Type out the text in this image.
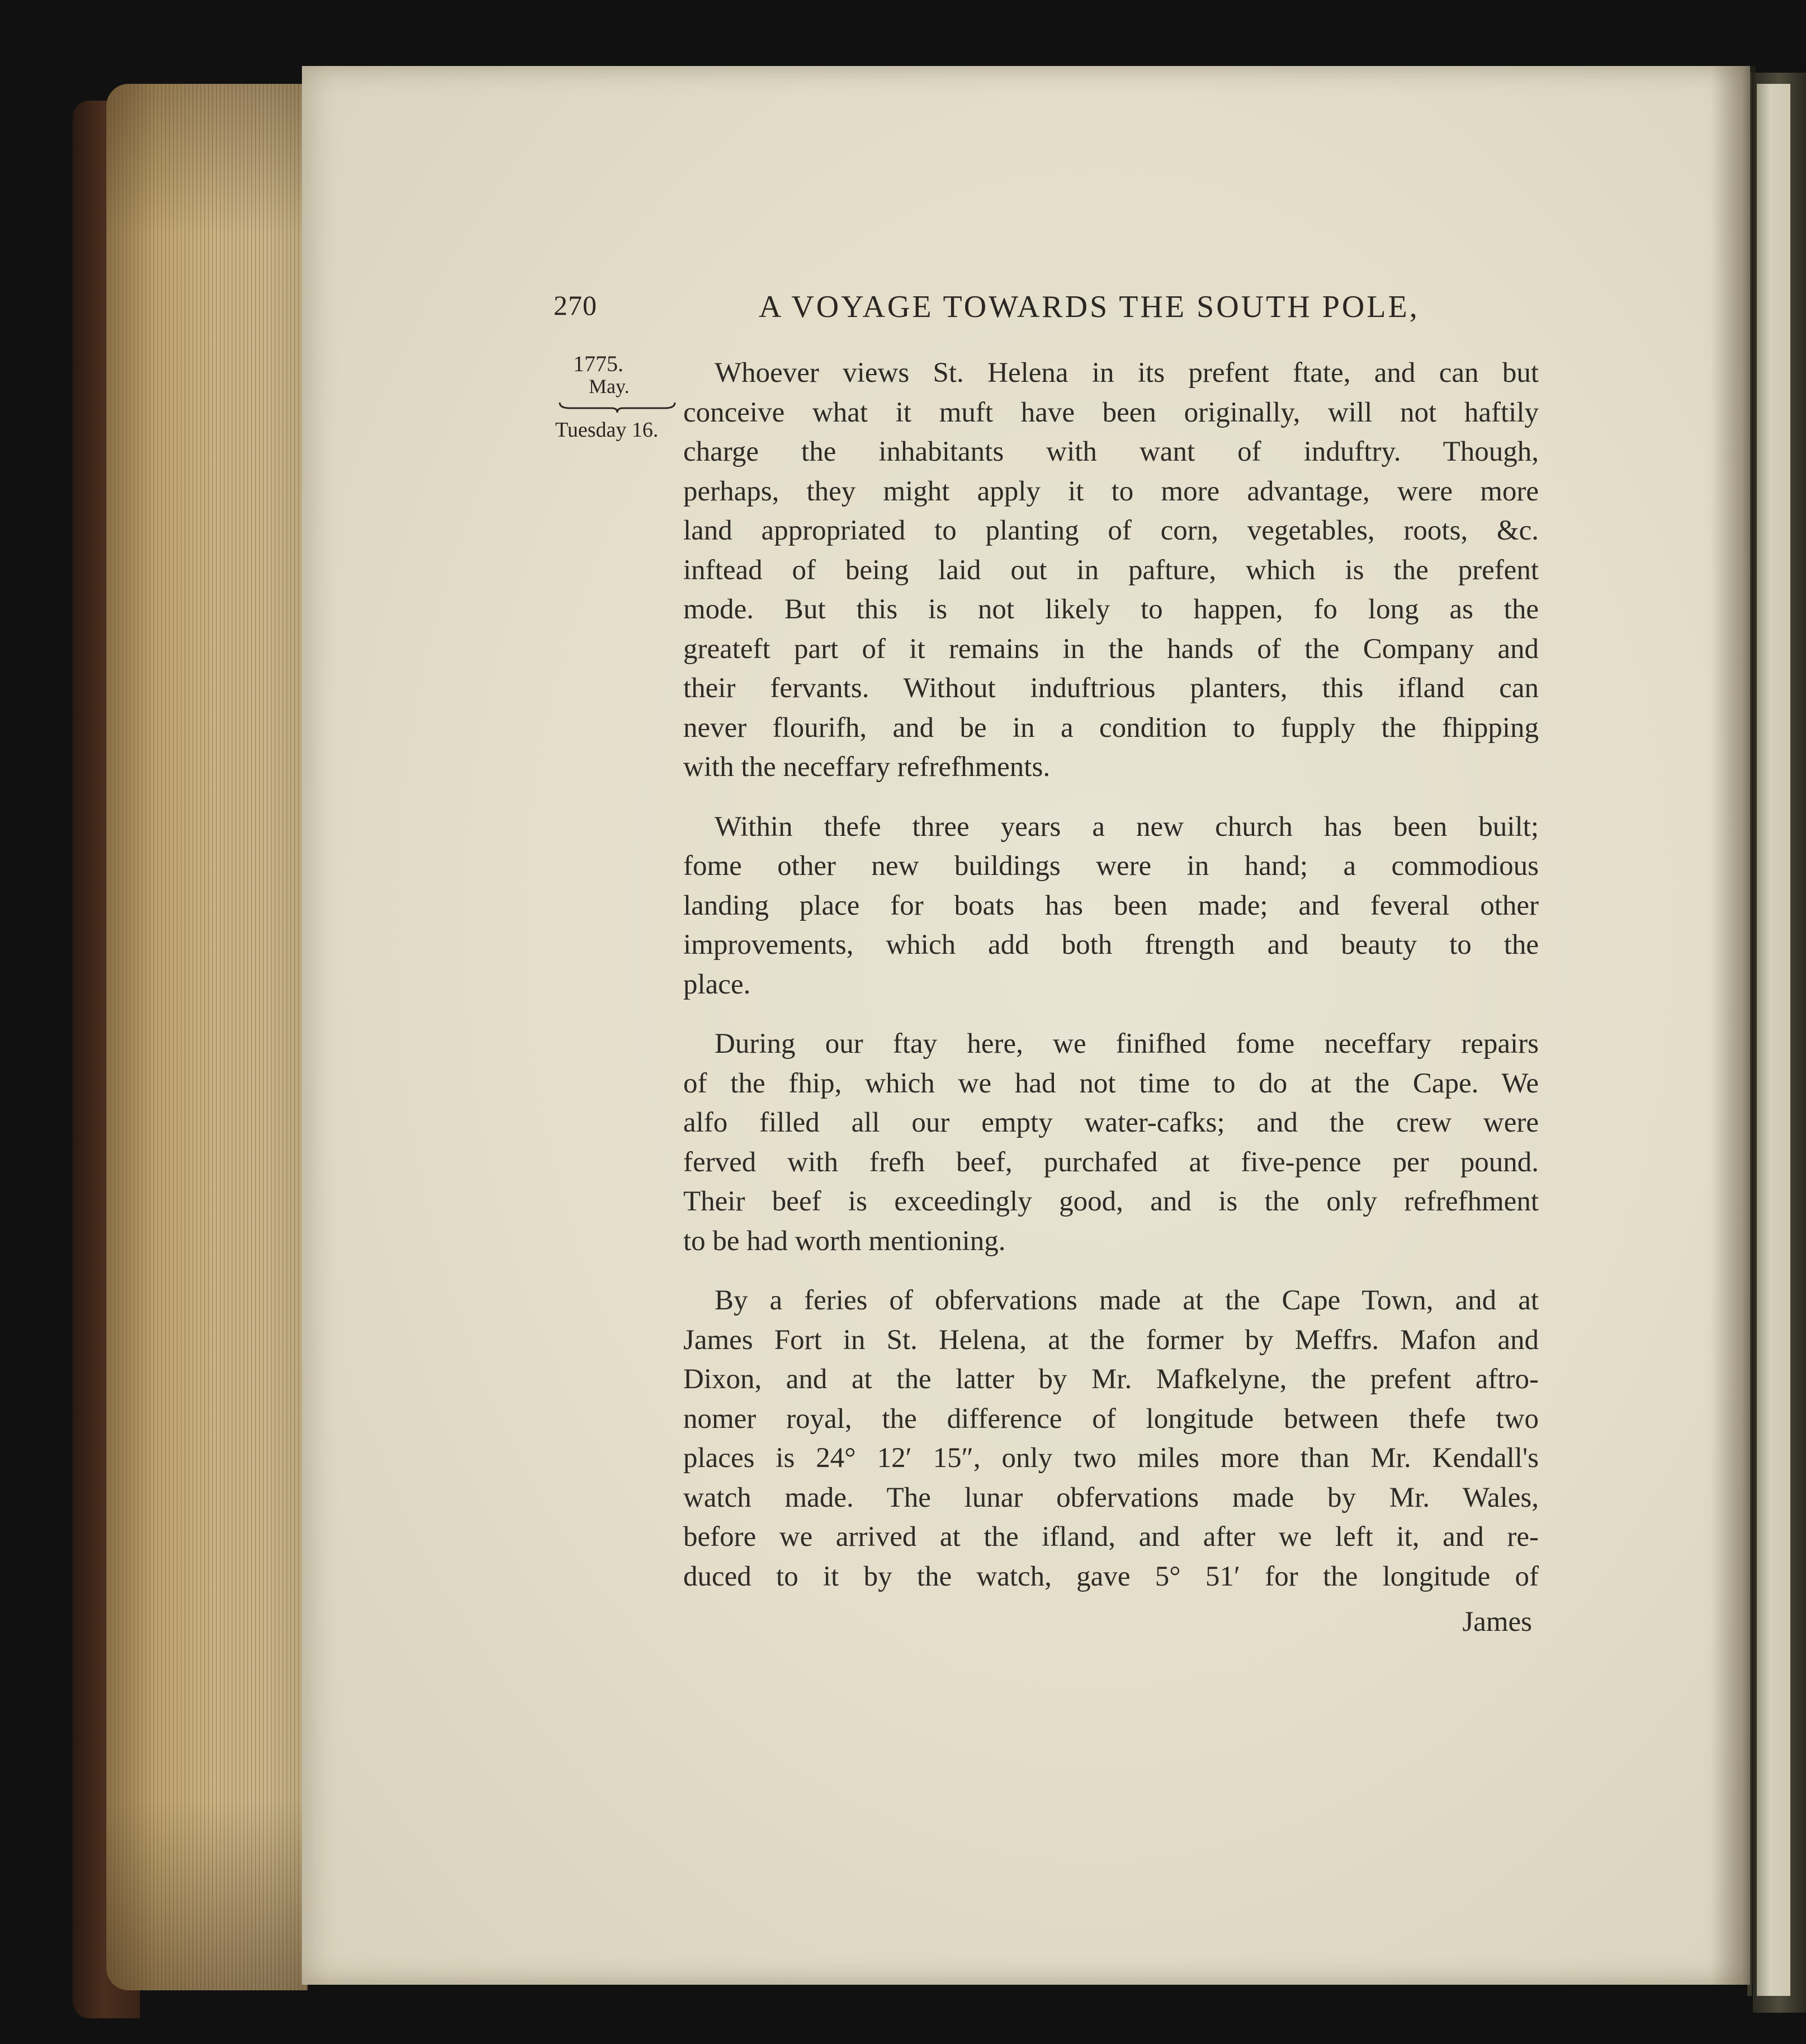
270	A VOYAGE TOWARDS THE SOUTH POLE,
1775.
May.
Tuesday 16.

Whoever views St. Helena in its prefent ftate, and can but
conceive what it muft have been originally, will not haftily
charge the inhabitants with want of induftry. Though,
perhaps, they might apply it to more advantage, were more
land appropriated to planting of corn, vegetables, roots, &c.
inftead of being laid out in pafture, which is the prefent
mode. But this is not likely to happen, fo long as the
greateft part of it remains in the hands of the Company and
their fervants. Without induftrious planters, this ifland can
never flourifh, and be in a condition to fupply the fhipping
with the neceffary refrefhments.

Within thefe three years a new church has been built;
fome other new buildings were in hand; a commodious
landing place for boats has been made; and feveral other
improvements, which add both ftrength and beauty to the
place.

During our ftay here, we finifhed fome neceffary repairs
of the fhip, which we had not time to do at the Cape. We
alfo filled all our empty water-cafks; and the crew were
ferved with frefh beef, purchafed at five-pence per pound.
Their beef is exceedingly good, and is the only refrefhment
to be had worth mentioning.

By a feries of obfervations made at the Cape Town, and at
James Fort in St. Helena, at the former by Meffrs. Mafon and
Dixon, and at the latter by Mr. Mafkelyne, the prefent aftro-
nomer royal, the difference of longitude between thefe two
places is 24° 12′ 15″, only two miles more than Mr. Kendall's
watch made. The lunar obfervations made by Mr. Wales,
before we arrived at the ifland, and after we left it, and re-
duced to it by the watch, gave 5° 51′ for the longitude of

James
